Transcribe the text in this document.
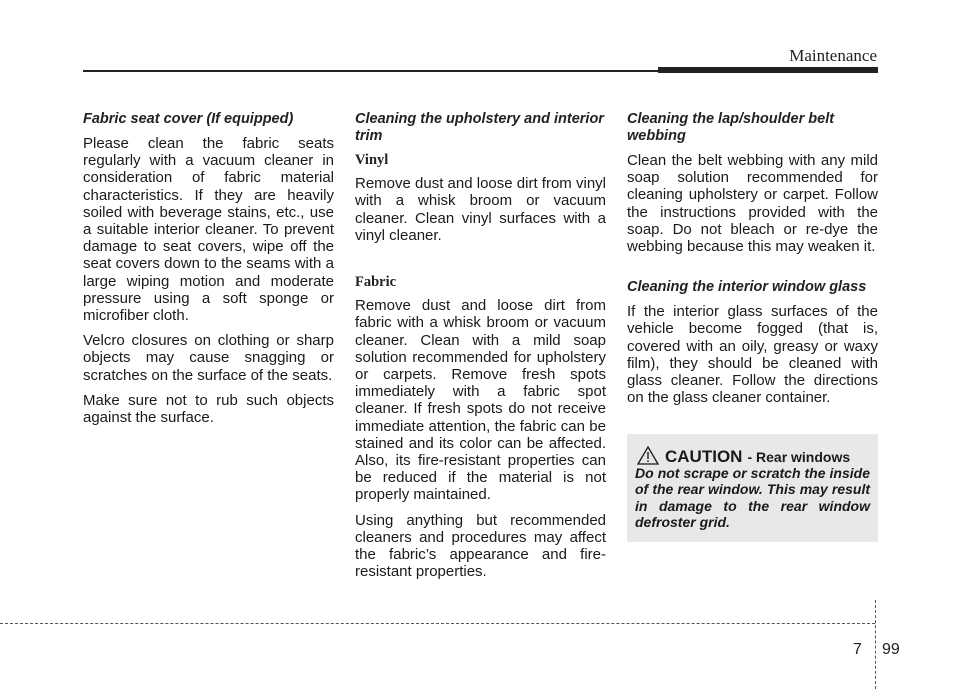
Maintenance
Fabric seat cover (If equipped)

Please clean the fabric seats regularly with a vacuum cleaner in consideration of fabric material characteristics. If they are heavily soiled with beverage stains, etc., use a suitable interior cleaner. To prevent damage to seat covers, wipe off the seat covers down to the seams with a large wiping motion and moderate pressure using a soft sponge or microfiber cloth.

Velcro closures on clothing or sharp objects may cause snagging or scratches on the surface of the seats.

Make sure not to rub such objects against the surface.

Cleaning the upholstery and interior trim
Vinyl

Remove dust and loose dirt from vinyl with a whisk broom or vacuum cleaner. Clean vinyl surfaces with a vinyl cleaner.

Fabric

Remove dust and loose dirt from fabric with a whisk broom or vacuum cleaner. Clean with a mild soap solution recommended for upholstery or carpets. Remove fresh spots immediately with a fabric spot cleaner. If fresh spots do not receive immediate attention, the fabric can be stained and its color can be affected. Also, its fire-resistant properties can be reduced if the material is not properly maintained.

Using anything but recommended cleaners and procedures may affect the fabric’s appearance and fire-resistant properties.

Cleaning the lap/shoulder belt webbing

Clean the belt webbing with any mild soap solution recommended for cleaning upholstery or carpet. Follow the instructions provided with the soap. Do not bleach or re-dye the webbing because this may weaken it.

Cleaning the interior window glass

If the interior glass surfaces of the vehicle become fogged (that is, covered with an oily, greasy or waxy film), they should be cleaned with glass cleaner. Follow the directions on the glass cleaner container.

CAUTION - Rear windows
Do not scrape or scratch the inside of the rear window. This may result in damage to the rear window defroster grid.
7 99
